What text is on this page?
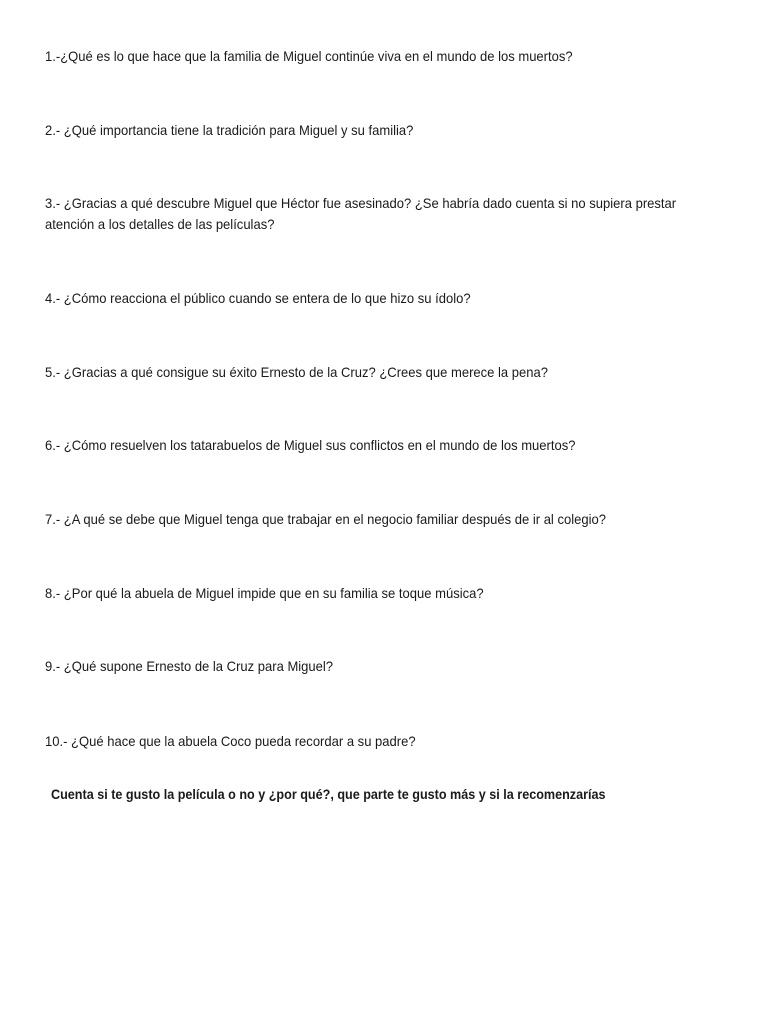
1.-¿Qué es lo que hace que la familia de Miguel continúe viva en el mundo de los muertos?

2.- ¿Qué importancia tiene la tradición para Miguel y su familia?

3.- ¿Gracias a qué descubre Miguel que Héctor fue asesinado? ¿Se habría dado cuenta si no supiera prestar atención a los detalles de las películas?

4.- ¿Cómo reacciona el público cuando se entera de lo que hizo su ídolo?

5.- ¿Gracias a qué consigue su éxito Ernesto de la Cruz? ¿Crees que merece la pena?

6.- ¿Cómo resuelven los tatarabuelos de Miguel sus conflictos en el mundo de los muertos?

7.- ¿A qué se debe que Miguel tenga que trabajar en el negocio familiar después de ir al colegio?

8.- ¿Por qué la abuela de Miguel impide que en su familia se toque música?

9.- ¿Qué supone Ernesto de la Cruz para Miguel?

10.- ¿Qué hace que la abuela Coco pueda recordar a su padre?

Cuenta si te gusto la película o no y ¿por qué?, que parte te gusto más y si la recomenzarías
